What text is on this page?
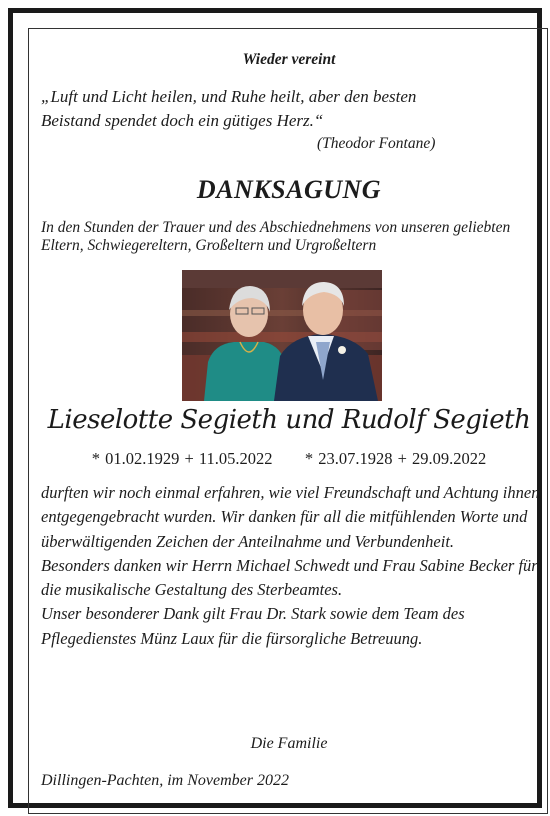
Wieder vereint
„Luft und Licht heilen, und Ruhe heilt, aber den besten
Beistand spendet doch ein gütiges Herz.“
(Theodor Fontane)
DANKSAGUNG
In den Stunden der Trauer und des Abschiednehmens von unseren geliebten Eltern, Schwiegereltern, Großeltern und Urgroßeltern
Lieselotte Segieth und Rudolf Segieth
* 01.02.1929 + 11.05.2022 * 23.07.1928 + 29.09.2022

durften wir noch einmal erfahren, wie viel Freundschaft und Achtung ihnen entgegengebracht wurden. Wir danken für all die mitfühlenden Worte und überwältigenden Zeichen der Anteilnahme und Verbundenheit.

Besonders danken wir Herrn Michael Schwedt und Frau Sabine Becker für die musikalische Gestaltung des Sterbeamtes.

Unser besonderer Dank gilt Frau Dr. Stark sowie dem Team des Pflegedienstes Münz Laux für die fürsorgliche Betreuung.

Die Familie
Dillingen-Pachten, im November 2022
